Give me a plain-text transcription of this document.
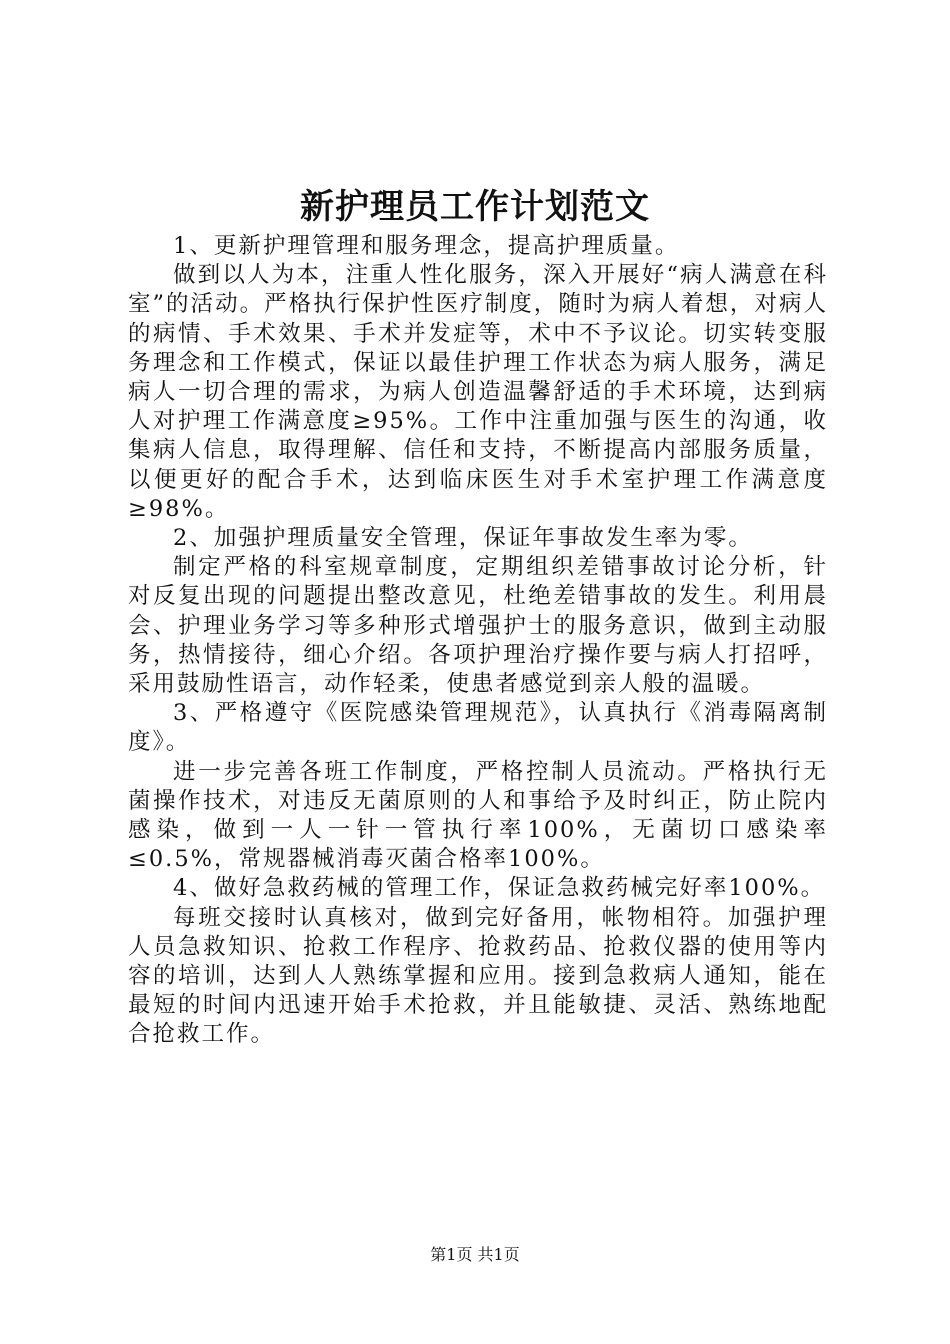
新护理员工作计划范文

1、更新护理管理和服务理念，提高护理质量。

做到以人为本，注重人性化服务，深入开展好“病人满意在科室”的活动。严格执行保护性医疗制度，随时为病人着想，对病人的病情、手术效果、手术并发症等，术中不予议论。切实转变服务理念和工作模式，保证以最佳护理工作状态为病人服务，满足病人一切合理的需求，为病人创造温馨舒适的手术环境，达到病人对护理工作满意度≥95%。工作中注重加强与医生的沟通，收集病人信息，取得理解、信任和支持，不断提高内部服务质量，以便更好的配合手术，达到临床医生对手术室护理工作满意度≥98%。

2、加强护理质量安全管理，保证年事故发生率为零。

制定严格的科室规章制度，定期组织差错事故讨论分析，针对反复出现的问题提出整改意见，杜绝差错事故的发生。利用晨会、护理业务学习等多种形式增强护士的服务意识，做到主动服务，热情接待，细心介绍。各项护理治疗操作要与病人打招呼，采用鼓励性语言，动作轻柔，使患者感觉到亲人般的温暖。

3、严格遵守《医院感染管理规范》，认真执行《消毒隔离制度》。

进一步完善各班工作制度，严格控制人员流动。严格执行无菌操作技术，对违反无菌原则的人和事给予及时纠正，防止院内感染，做到一人一针一管执行率100%，无菌切口感染率≤0.5%，常规器械消毒灭菌合格率100%。

4、做好急救药械的管理工作，保证急救药械完好率100%。

每班交接时认真核对，做到完好备用，帐物相符。加强护理人员急救知识、抢救工作程序、抢救药品、抢救仪器的使用等内容的培训，达到人人熟练掌握和应用。接到急救病人通知，能在最短的时间内迅速开始手术抢救，并且能敏捷、灵活、熟练地配合抢救工作。

第1页 共1页
